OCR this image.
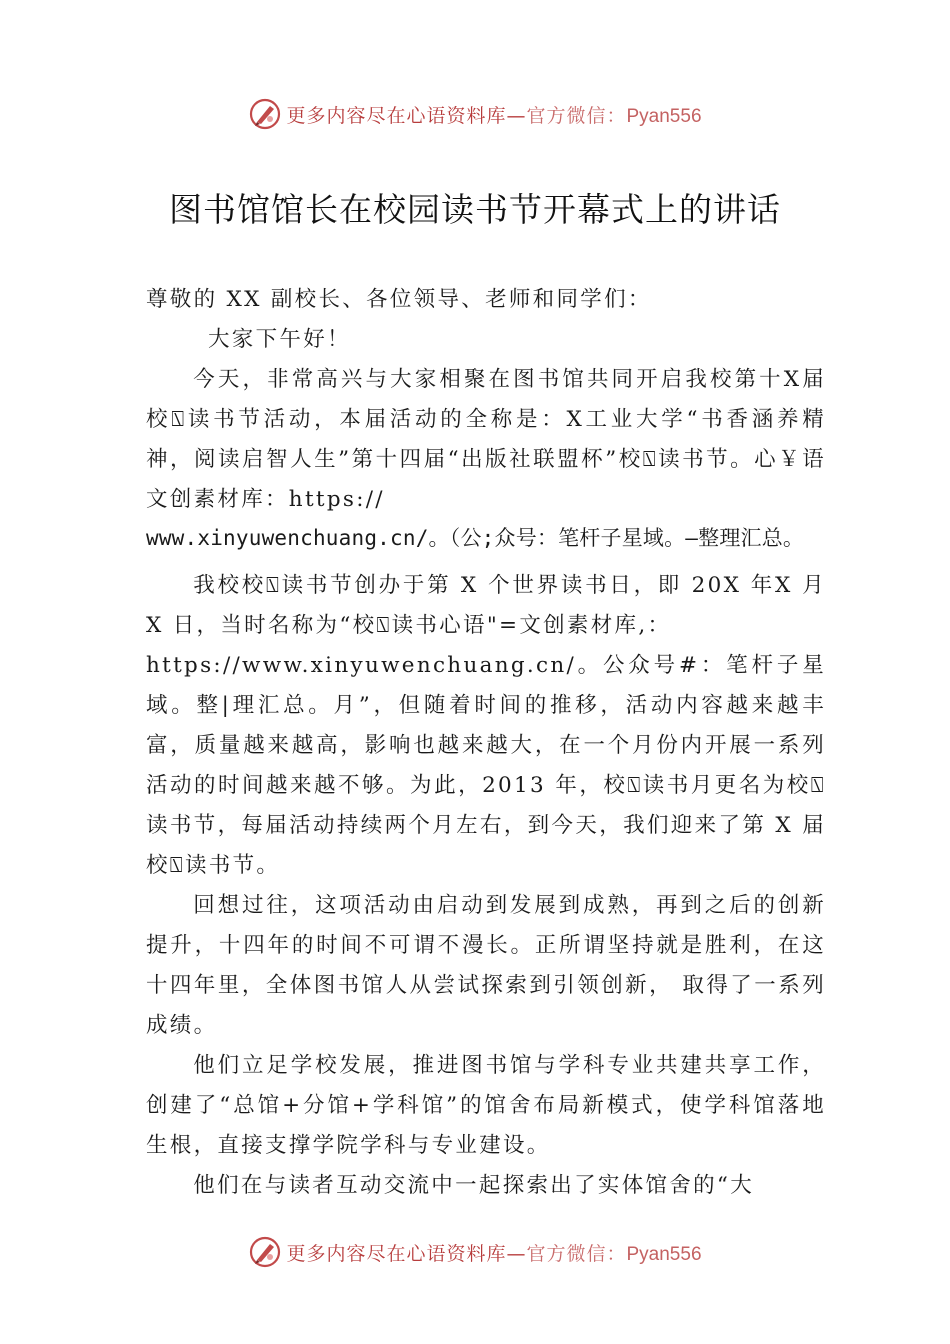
更多内容尽在心语资料库—官方微信：Pyan556
图书馆馆长在校园读书节开幕式上的讲话

尊敬的 XX 副校长、各位领导、老师和同学们：

大家下午好！

今天，非常高兴与大家相聚在图书馆共同开启我校第十X届校⍂读书节活动，本届活动的全称是：X工业大学“书香涵养精神，阅读启智人生”第十四届“出版社联盟杯”校⍂读书节。心￥语文创素材库：https://

www.xinyuwenchuang.cn/。（公;众号：笔杆子星域。—整理汇总。

我校校⍂读书节创办于第 X 个世界读书日，即 20X 年X 月 X 日，当时名称为“校⍂读书心语"=文创素材库,：

https://www.xinyuwenchuang.cn/。公众号#：笔杆子星域。整|理汇总。月”，但随着时间的推移，活动内容越来越丰富，质量越来越高，影响也越来越大，在一个月份内开展一系列活动的时间越来越不够。为此，2013 年，校⍂读书月更名为校⍂读书节，每届活动持续两个月左右，到今天，我们迎来了第 X 届校⍂读书节。

回想过往，这项活动由启动到发展到成熟，再到之后的创新提升，十四年的时间不可谓不漫长。正所谓坚持就是胜利，在这十四年里，全体图书馆人从尝试探索到引领创新， 取得了一系列成绩。

他们立足学校发展，推进图书馆与学科专业共建共享工作，创建了“总馆+分馆+学科馆”的馆舍布局新模式，使学科馆落地生根，直接支撑学院学科与专业建设。

他们在与读者互动交流中一起探索出了实体馆舍的“大

更多内容尽在心语资料库—官方微信：Pyan556
